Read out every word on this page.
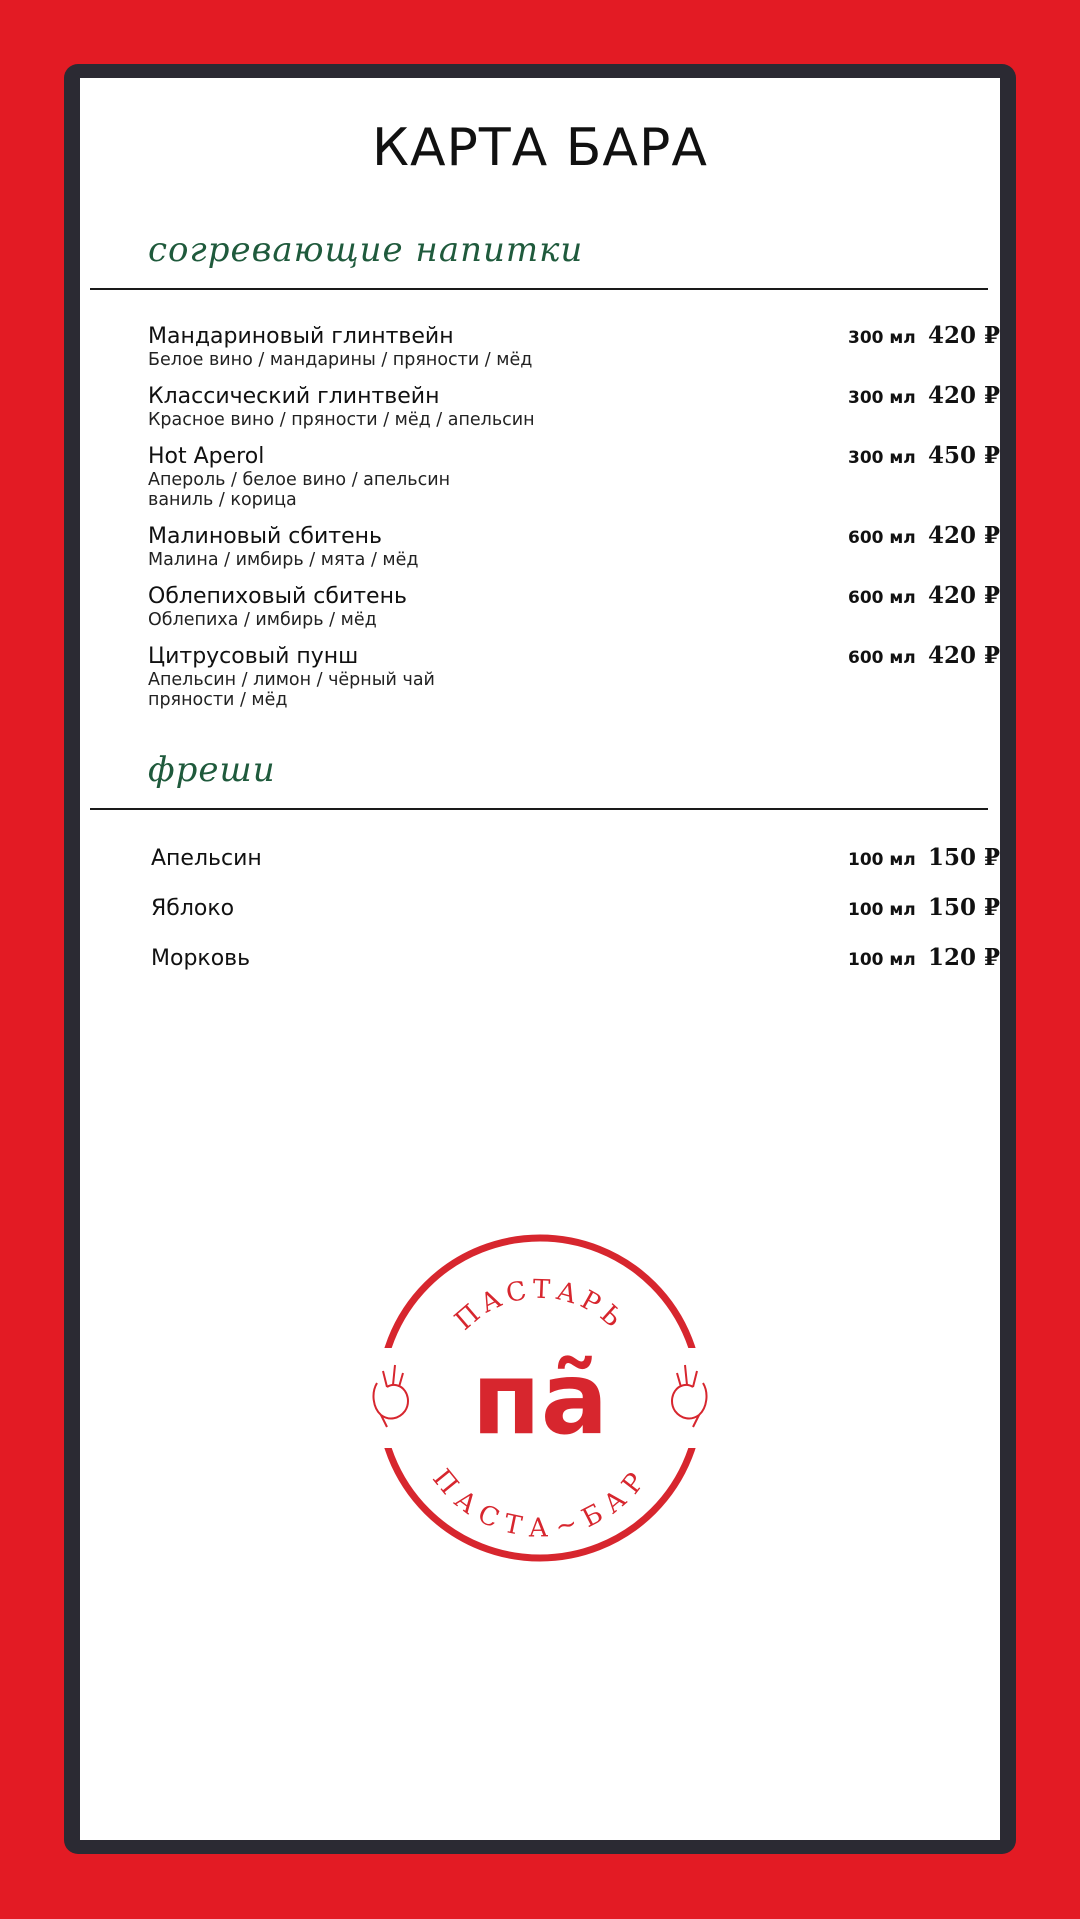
КАРТА БАРА
согревающие напитки
Мандариновый глинтвейн
Белое вино / мандарины / пряности / мёд
300 мл 420 ₽
Классический глинтвейн
Красное вино / пряности / мёд / апельсин
300 мл 420 ₽
Hot Aperol
Апероль / белое вино / апельсин
ваниль / корица
300 мл 450 ₽
Малиновый сбитень
Малина / имбирь / мята / мёд
600 мл 420 ₽
Облепиховый сбитень
Облепиха / имбирь / мёд
600 мл 420 ₽
Цитрусовый пунш
Апельсин / лимон / чёрный чай
пряности / мёд
600 мл 420 ₽
фреши
Апельсин	100 мл 150 ₽
Яблоко	100 мл 150 ₽
Морковь	100 мл 120 ₽
ПАСТАРЬ
ПАСТА~БАР
пã
